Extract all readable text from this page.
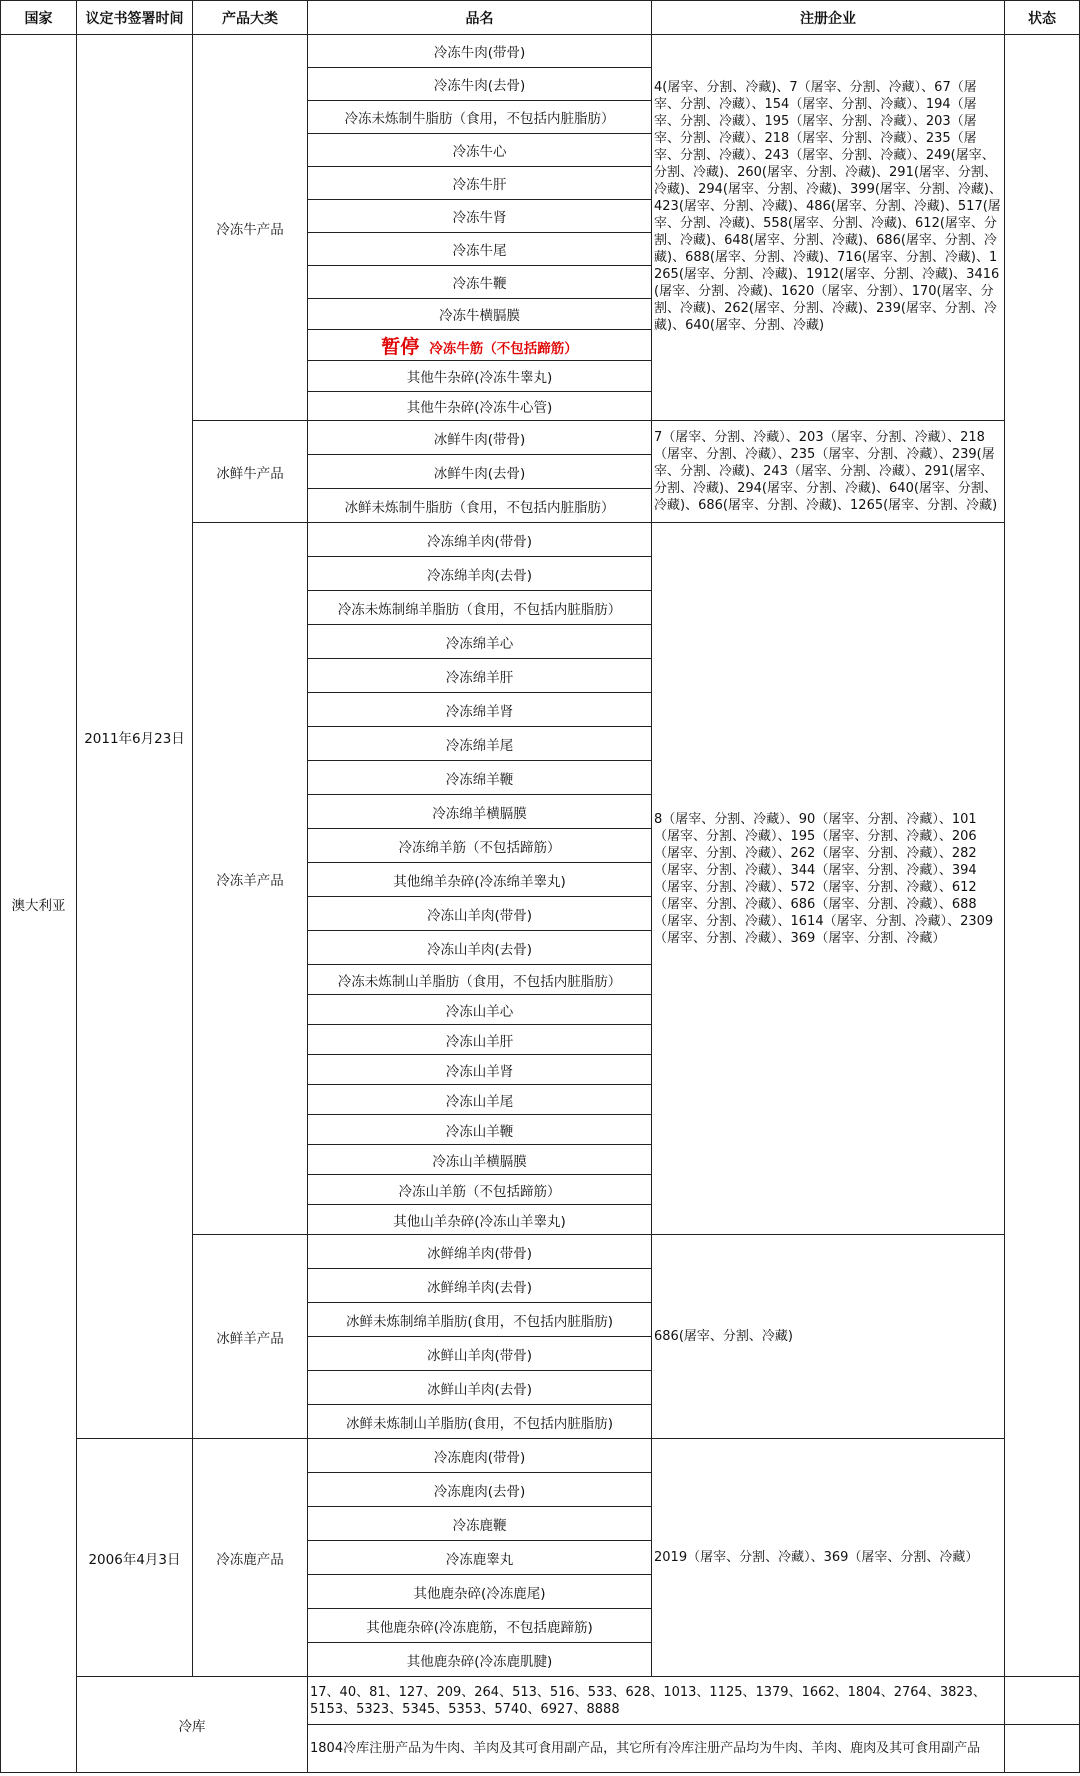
国家	议定书签署时间	产品大类	品名	注册企业	状态
澳大利亚	2011年6月23日	冷冻牛产品	冷冻牛肉(带骨)	4(屠宰、分割、冷藏)、7（屠宰、分割、冷藏）、67（屠宰、分割、冷藏）、154（屠宰、分割、冷藏）、194（屠宰、分割、冷藏）、195（屠宰、分割、冷藏）、203（屠宰、分割、冷藏）、218（屠宰、分割、冷藏）、235（屠宰、分割、冷藏）、243（屠宰、分割、冷藏）、249(屠宰、分割、冷藏)、260(屠宰、分割、冷藏)、291(屠宰、分割、冷藏)、294(屠宰、分割、冷藏)、399(屠宰、分割、冷藏)、423(屠宰、分割、冷藏)、486(屠宰、分割、冷藏)、517(屠宰、分割、冷藏)、558(屠宰、分割、冷藏)、612(屠宰、分割、冷藏)、648(屠宰、分割、冷藏)、686(屠宰、分割、冷藏)、688(屠宰、分割、冷藏)、716(屠宰、分割、冷藏)、1265(屠宰、分割、冷藏)、1912(屠宰、分割、冷藏)、3416(屠宰、分割、冷藏)、1620（屠宰、分割）、170(屠宰、分割、冷藏)、262(屠宰、分割、冷藏)、239(屠宰、分割、冷藏)、640(屠宰、分割、冷藏)	
			冷冻牛肉(去骨)		
			冷冻未炼制牛脂肪（食用，不包括内脏脂肪）		
			冷冻牛心		
			冷冻牛肝		
			冷冻牛肾		
			冷冻牛尾		
			冷冻牛鞭		
			冷冻牛横膈膜		
			暂停 冷冻牛筋（不包括蹄筋）		
			其他牛杂碎(冷冻牛睾丸)		
			其他牛杂碎(冷冻牛心管)		
		冰鲜牛产品	冰鲜牛肉(带骨)	7（屠宰、分割、冷藏）、203（屠宰、分割、冷藏）、218（屠宰、分割、冷藏）、235（屠宰、分割、冷藏）、239(屠宰、分割、冷藏)、243（屠宰、分割、冷藏）、291(屠宰、分割、冷藏)、294(屠宰、分割、冷藏)、640(屠宰、分割、冷藏)、686(屠宰、分割、冷藏)、1265(屠宰、分割、冷藏)	
			冰鲜牛肉(去骨)		
			冰鲜未炼制牛脂肪（食用，不包括内脏脂肪）		
		冷冻羊产品	冷冻绵羊肉(带骨)	8（屠宰、分割、冷藏）、90（屠宰、分割、冷藏）、101（屠宰、分割、冷藏）、195（屠宰、分割、冷藏）、206（屠宰、分割、冷藏）、262（屠宰、分割、冷藏）、282（屠宰、分割、冷藏）、344（屠宰、分割、冷藏）、394（屠宰、分割、冷藏）、572（屠宰、分割、冷藏）、612（屠宰、分割、冷藏）、686（屠宰、分割、冷藏）、688（屠宰、分割、冷藏）、1614（屠宰、分割、冷藏）、2309（屠宰、分割、冷藏）、369（屠宰、分割、冷藏）	
			冷冻绵羊肉(去骨)		
			冷冻未炼制绵羊脂肪（食用，不包括内脏脂肪）		
			冷冻绵羊心		
			冷冻绵羊肝		
			冷冻绵羊肾		
			冷冻绵羊尾		
			冷冻绵羊鞭		
			冷冻绵羊横膈膜		
			冷冻绵羊筋（不包括蹄筋）		
			其他绵羊杂碎(冷冻绵羊睾丸)		
			冷冻山羊肉(带骨)		
			冷冻山羊肉(去骨)		
			冷冻未炼制山羊脂肪（食用，不包括内脏脂肪）		
			冷冻山羊心		
			冷冻山羊肝		
			冷冻山羊肾		
			冷冻山羊尾		
			冷冻山羊鞭		
			冷冻山羊横膈膜		
			冷冻山羊筋（不包括蹄筋）		
			其他山羊杂碎(冷冻山羊睾丸)		
		冰鲜羊产品	冰鲜绵羊肉(带骨)	686(屠宰、分割、冷藏)	
			冰鲜绵羊肉(去骨)		
			冰鲜未炼制绵羊脂肪(食用，不包括内脏脂肪)		
			冰鲜山羊肉(带骨)		
			冰鲜山羊肉(去骨)		
			冰鲜未炼制山羊脂肪(食用，不包括内脏脂肪)		
	2006年4月3日	冷冻鹿产品	冷冻鹿肉(带骨)	2019（屠宰、分割、冷藏）、369（屠宰、分割、冷藏）	
			冷冻鹿肉(去骨)		
			冷冻鹿鞭		
			冷冻鹿睾丸		
			其他鹿杂碎(冷冻鹿尾)		
			其他鹿杂碎(冷冻鹿筋，不包括鹿蹄筋)		
			其他鹿杂碎(冷冻鹿肌腱)		
	冷库		17、40、81、127、209、264、513、516、533、628、1013、1125、1379、1662、1804、2764、3823、5153、5323、5345、5353、5740、6927、8888		
			1804冷库注册产品为牛肉、羊肉及其可食用副产品，其它所有冷库注册产品均为牛肉、羊肉、鹿肉及其可食用副产品		
